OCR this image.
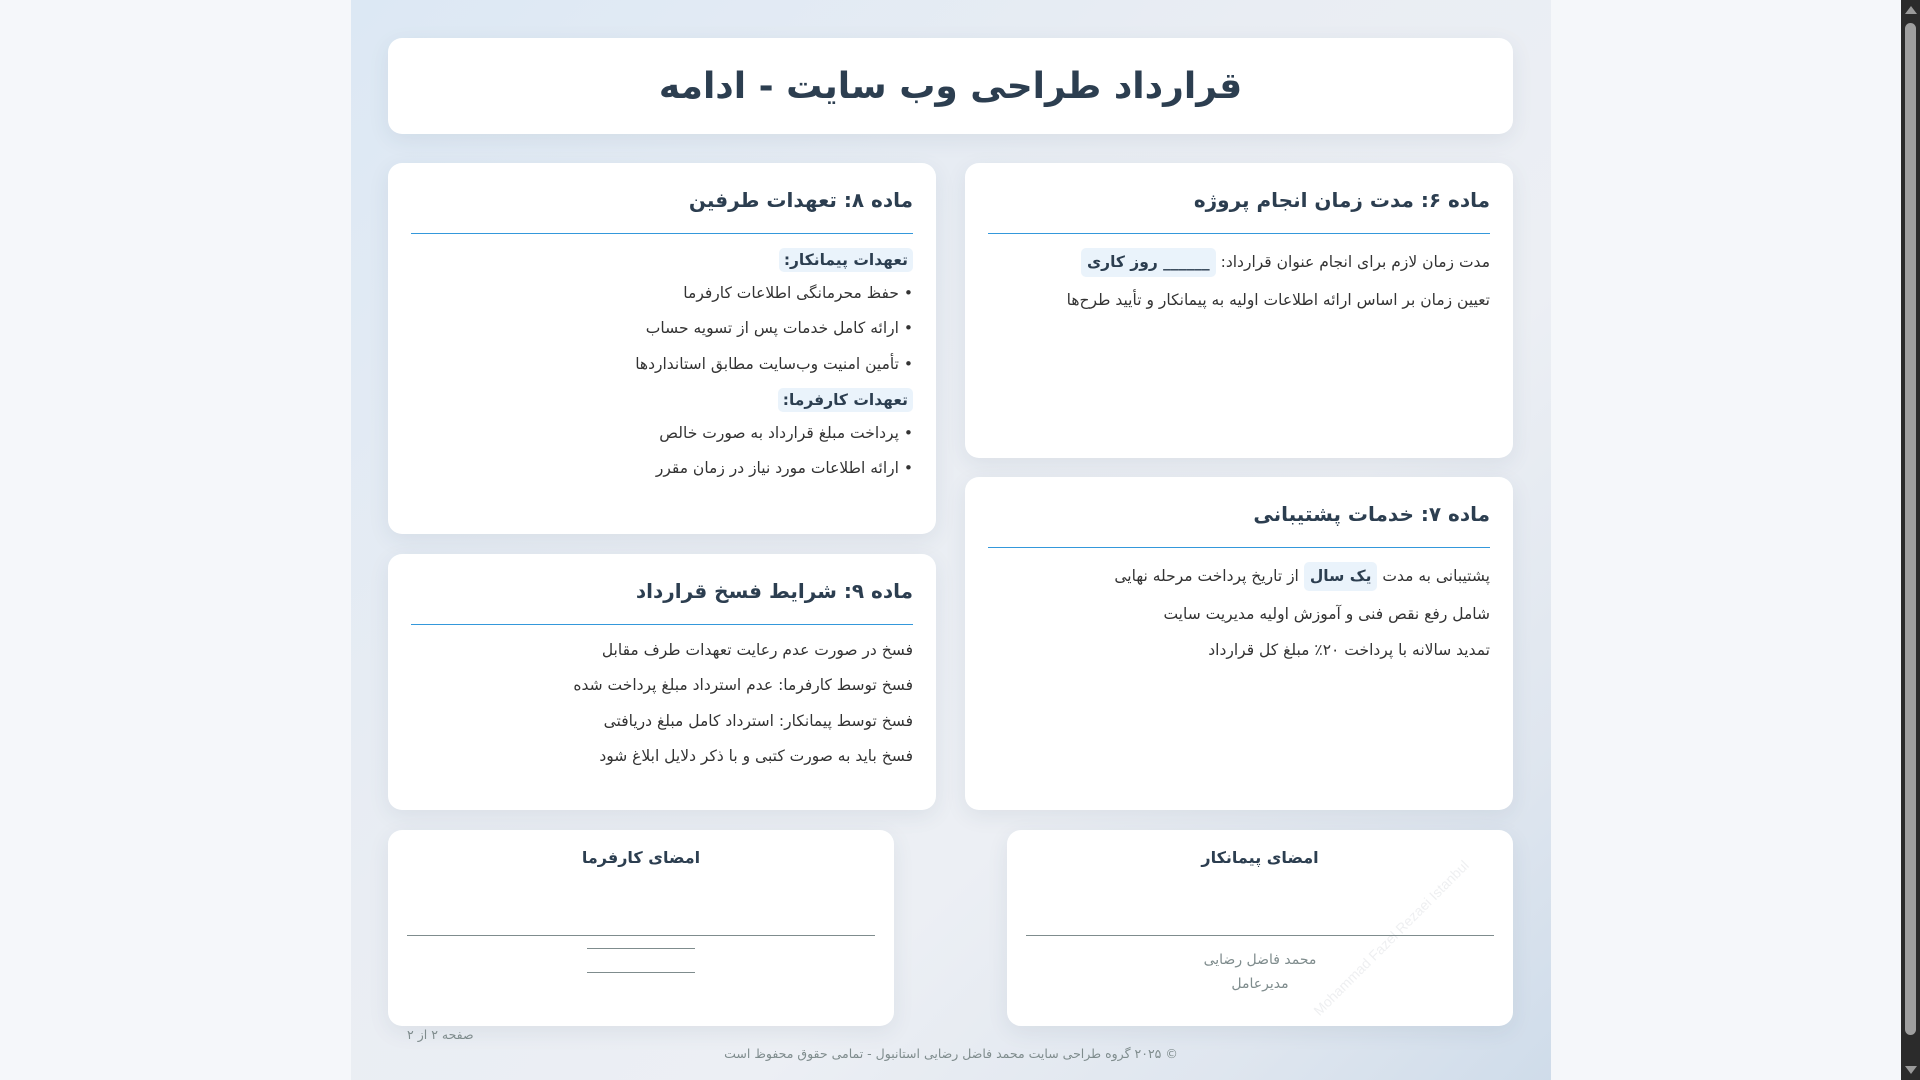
قرارداد طراحی وب سایت - ادامه
ماده ۶: مدت زمان انجام پروژه

مدت زمان لازم برای انجام عنوان قرارداد: ______ روز کاری

تعیین زمان بر اساس ارائه اطلاعات اولیه به پیمانکار و تأیید طرح‌ها

ماده ۷: خدمات پشتیبانی

پشتیبانی به مدت یک سال از تاریخ پرداخت مرحله نهایی

شامل رفع نقص فنی و آموزش اولیه مدیریت سایت

تمدید سالانه با پرداخت ۲۰٪ مبلغ کل قرارداد

ماده ۸: تعهدات طرفین
تعهدات پیمانکار:
• حفظ محرمانگی اطلاعات کارفرما
• ارائه کامل خدمات پس از تسویه حساب
• تأمین امنیت وب‌سایت مطابق استانداردها
تعهدات کارفرما:
• پرداخت مبلغ قرارداد به صورت خالص
• ارائه اطلاعات مورد نیاز در زمان مقرر
ماده ۹: شرایط فسخ قرارداد

فسخ در صورت عدم رعایت تعهدات طرف مقابل

فسخ توسط کارفرما: عدم استرداد مبلغ پرداخت شده

فسخ توسط پیمانکار: استرداد کامل مبلغ دریافتی

فسخ باید به صورت کتبی و با ذکر دلایل ابلاغ شود

امضای پیمانکار
محمد فاضل رضایی
مدیرعامل
امضای کارفرما
صفحه ۲ از ۲
© ۲۰۲۵ گروه طراحی سایت محمد فاضل رضایی استانبول - تمامی حقوق محفوظ است
